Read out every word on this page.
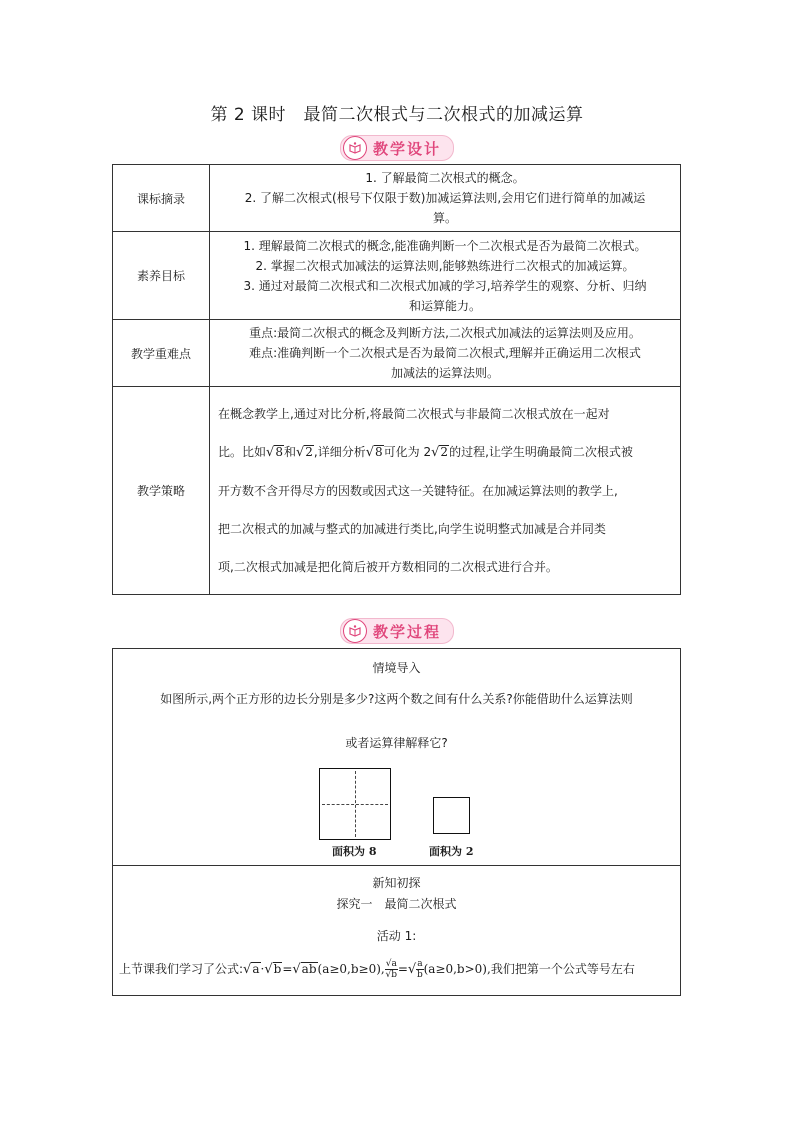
第 2 课时　最简二次根式与二次根式的加减运算
教学设计
课标摘录	1. 了解最简二次根式的概念。

2. 了解二次根式(根号下仅限于数)加减运算法则,会用它们进行简单的加减运

算。

素养目标	1. 理解最简二次根式的概念,能准确判断一个二次根式是否为最简二次根式。

2. 掌握二次根式加减法的运算法则,能够熟练进行二次根式的加减运算。

3. 通过对最简二次根式和二次根式加减的学习,培养学生的观察、分析、归纳

和运算能力。

教学重难点	重点:最简二次根式的概念及判断方法,二次根式加减法的运算法则及应用。

难点:准确判断一个二次根式是否为最简二次根式,理解并正确运用二次根式

加减法的运算法则。

教学策略	在概念教学上,通过对比分析,将最简二次根式与非最简二次根式放在一起对

比。比如√8和√2,详细分析√8可化为 2√2的过程,让学生明确最简二次根式被

开方数不含开得尽方的因数或因式这一关键特征。在加减运算法则的教学上,

把二次根式的加减与整式的加减进行类比,向学生说明整式加减是合并同类

项,二次根式加减是把化简后被开方数相同的二次根式进行合并。

教学过程
情境导入
如图所示,两个正方形的边长分别是多少?这两个数之间有什么关系?你能借助什么运算法则
或者运算律解释它?
面积为 8	面积为 2
新知初探
探究一　最简二次根式
活动 1:
上节课我们学习了公式:√a·√b=√ab(a≥0,b≥0), $\frac{√a}{√b}$ =√ $\frac{a}{b} (a\ge 0,b>0)$,我们把第一个公式等号左右
